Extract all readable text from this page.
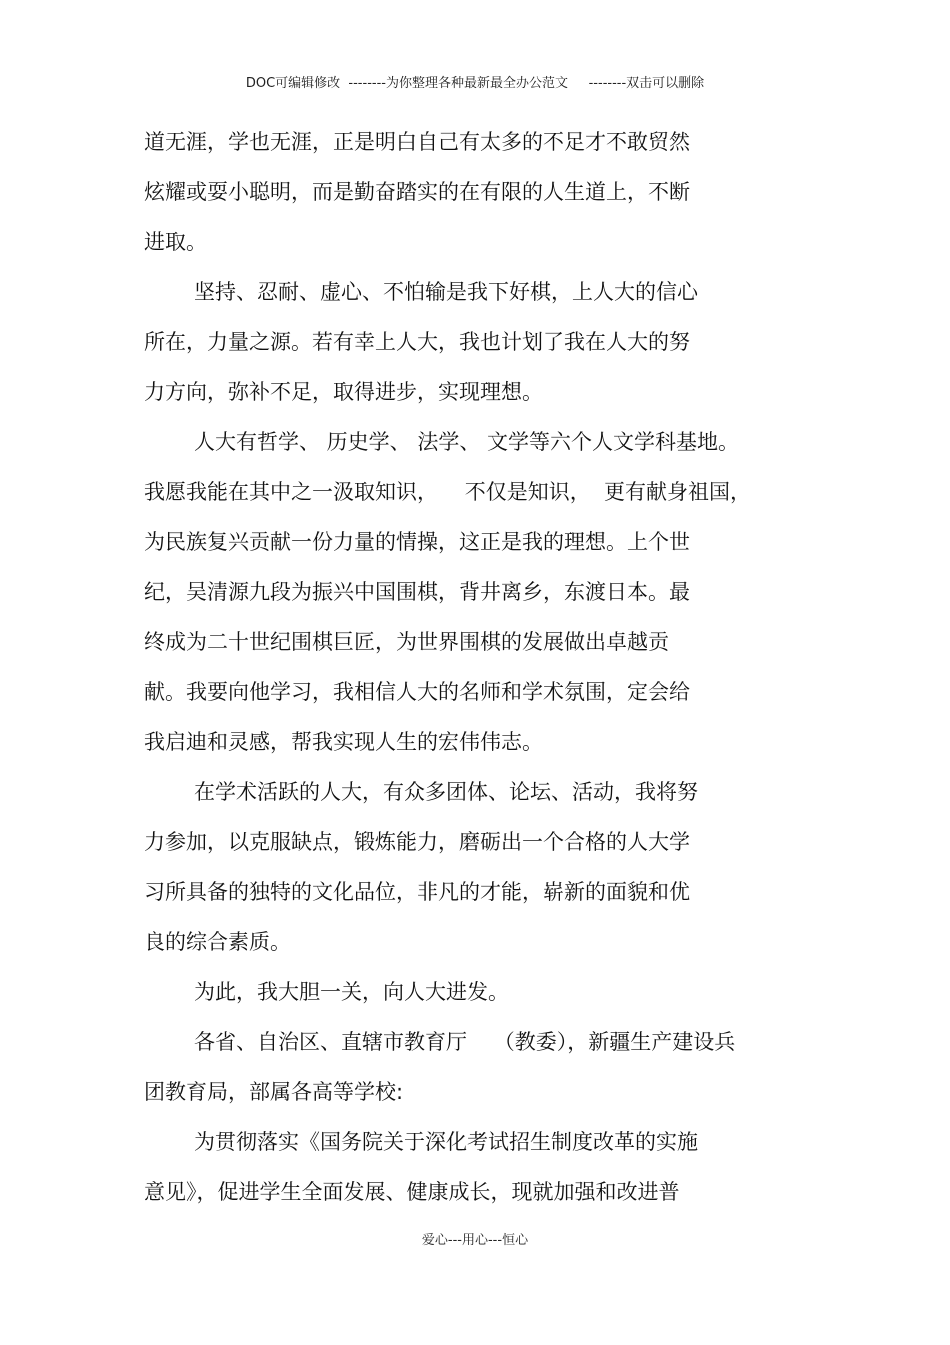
DOC可编辑修改  --------为你整理各种最新最全办公范文     --------双击可以删除
道无涯，学也无涯，正是明白自己有太多的不足才不敢贸然
炫耀或耍小聪明，而是勤奋踏实的在有限的人生道上，不断
进取。
坚持、忍耐、虚心、不怕输是我下好棋，上人大的信心
所在，力量之源。若有幸上人大，我也计划了我在人大的努
力方向，弥补不足，取得进步，实现理想。
人大有哲学、 历史学、 法学、 文学等六个人文学科基地。
我愿我能在其中之一汲取知识，    不仅是知识，  更有献身祖国，
为民族复兴贡献一份力量的情操，这正是我的理想。上个世
纪，吴清源九段为振兴中国围棋，背井离乡，东渡日本。最
终成为二十世纪围棋巨匠，为世界围棋的发展做出卓越贡
献。我要向他学习，我相信人大的名师和学术氛围，定会给
我启迪和灵感，帮我实现人生的宏伟伟志。
在学术活跃的人大，有众多团体、论坛、活动，我将努
力参加，以克服缺点，锻炼能力，磨砺出一个合格的人大学
习所具备的独特的文化品位，非凡的才能，崭新的面貌和优
良的综合素质。
为此，我大胆一关，向人大进发。
各省、自治区、直辖市教育厅    （教委），新疆生产建设兵
团教育局，部属各高等学校:
为贯彻落实《国务院关于深化考试招生制度改革的实施
意见》，促进学生全面发展、健康成长，现就加强和改进普
爱心---用心---恒心
